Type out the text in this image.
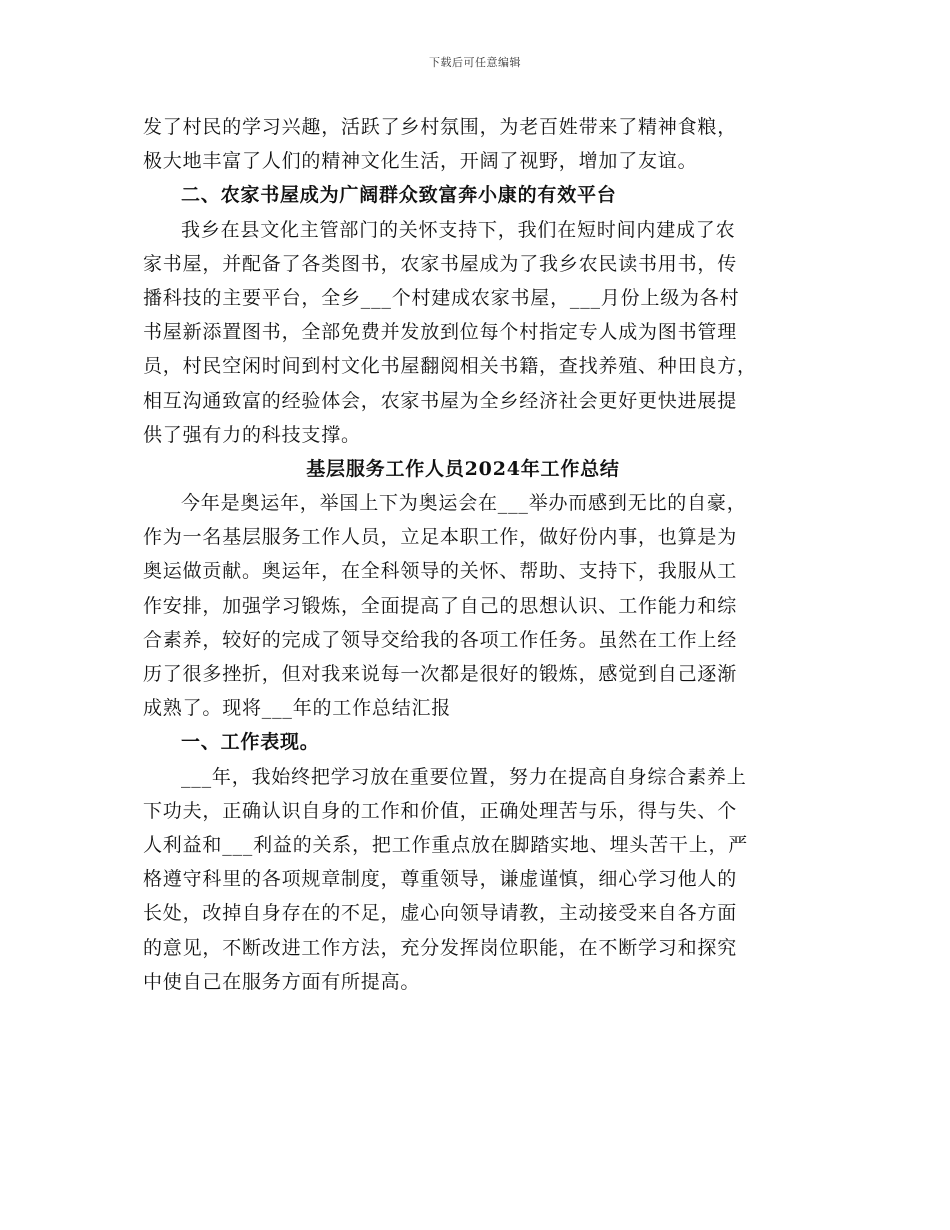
下载后可任意编辑
发了村民的学习兴趣，活跃了乡村氛围，为老百姓带来了精神食粮，
极大地丰富了人们的精神文化生活，开阔了视野，增加了友谊。
二、农家书屋成为广阔群众致富奔小康的有效平台
我乡在县文化主管部门的关怀支持下，我们在短时间内建成了农
家书屋，并配备了各类图书，农家书屋成为了我乡农民读书用书，传
播科技的主要平台，全乡___个村建成农家书屋，___月份上级为各村
书屋新添置图书，全部免费并发放到位每个村指定专人成为图书管理
员，村民空闲时间到村文化书屋翻阅相关书籍，查找养殖、种田良方，
相互沟通致富的经验体会，农家书屋为全乡经济社会更好更快进展提
供了强有力的科技支撑。
基层服务工作人员2024年工作总结
今年是奥运年，举国上下为奥运会在___举办而感到无比的自豪，
作为一名基层服务工作人员，立足本职工作，做好份内事，也算是为
奥运做贡献。奥运年，在全科领导的关怀、帮助、支持下，我服从工
作安排，加强学习锻炼，全面提高了自己的思想认识、工作能力和综
合素养，较好的完成了领导交给我的各项工作任务。虽然在工作上经
历了很多挫折，但对我来说每一次都是很好的锻炼，感觉到自己逐渐
成熟了。现将___年的工作总结汇报
一、工作表现。
___年，我始终把学习放在重要位置，努力在提高自身综合素养上
下功夫，正确认识自身的工作和价值，正确处理苦与乐，得与失、个
人利益和___利益的关系，把工作重点放在脚踏实地、埋头苦干上，严
格遵守科里的各项规章制度，尊重领导，谦虚谨慎，细心学习他人的
长处，改掉自身存在的不足，虚心向领导请教，主动接受来自各方面
的意见，不断改进工作方法，充分发挥岗位职能，在不断学习和探究
中使自己在服务方面有所提高。
